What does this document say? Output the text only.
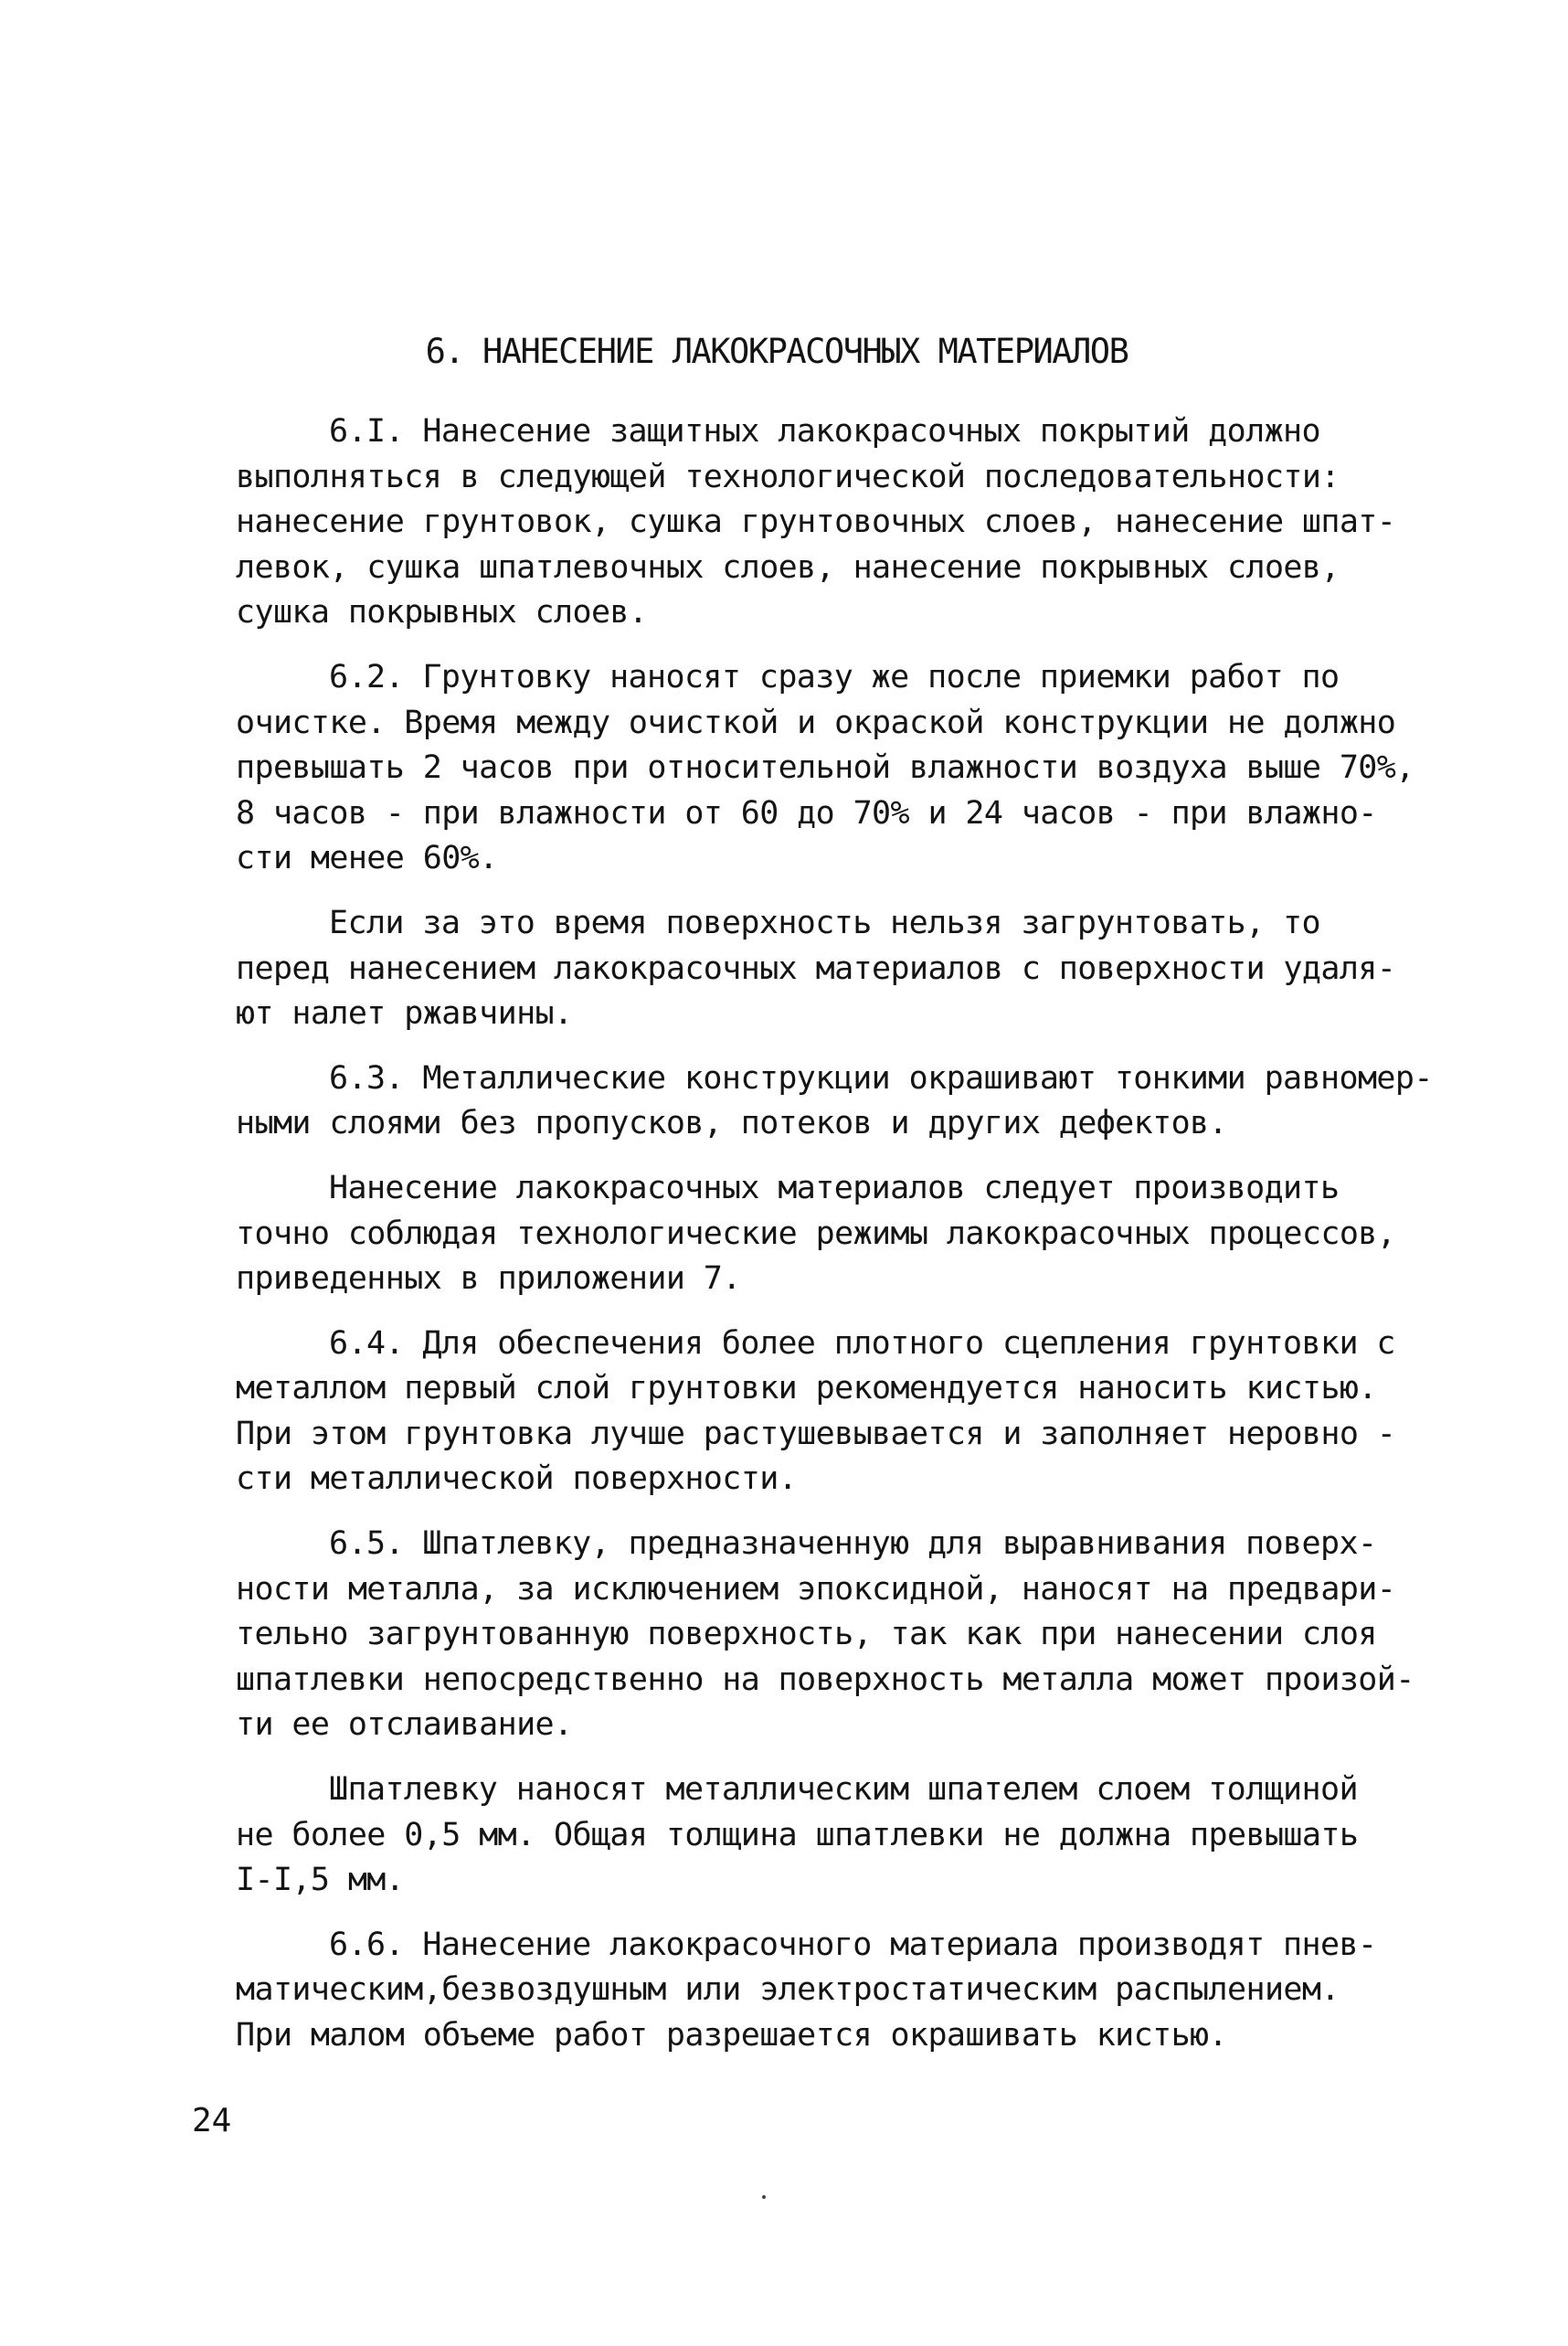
6. НАНЕСЕНИЕ ЛАКОКРАСОЧНЫХ МАТЕРИАЛОВ
6.I. Нанесение защитных лакокрасочных покрытий должно
выполняться в следующей технологической последовательности:
нанесение грунтовок, сушка грунтовочных слоев, нанесение шпат-
левок, сушка шпатлевочных слоев, нанесение покрывных слоев,
сушка покрывных слоев.
6.2. Грунтовку наносят сразу же после приемки работ по
очистке. Время между очисткой и окраской конструкции не должно
превышать 2 часов при относительной влажности воздуха выше 70%,
8 часов - при влажности от 60 до 70% и 24 часов - при влажно-
сти менее 60%.
Если за это время поверхность нельзя загрунтовать, то
перед нанесением лакокрасочных материалов с поверхности удаля-
ют налет ржавчины.
6.3. Металлические конструкции окрашивают тонкими равномер-
ными слоями без пропусков, потеков и других дефектов.
Нанесение лакокрасочных материалов следует производить
точно соблюдая технологические режимы лакокрасочных процессов,
приведенных в приложении 7.
6.4. Для обеспечения более плотного сцепления грунтовки с
металлом первый слой грунтовки рекомендуется наносить кистью.
При этом грунтовка лучше растушевывается и заполняет неровно -
сти металлической поверхности.
6.5. Шпатлевку, предназначенную для выравнивания поверх-
ности металла, за исключением эпоксидной, наносят на предвари-
тельно загрунтованную поверхность, так как при нанесении слоя
шпатлевки непосредственно на поверхность металла может произой-
ти ее отслаивание.
Шпатлевку наносят металлическим шпателем слоем толщиной
не более 0,5 мм. Общая толщина шпатлевки не должна превышать
I-I,5 мм.
6.6. Нанесение лакокрасочного материала производят пнев-
матическим,безвоздушным или электростатическим распылением.
При малом объеме работ разрешается окрашивать кистью.
24
